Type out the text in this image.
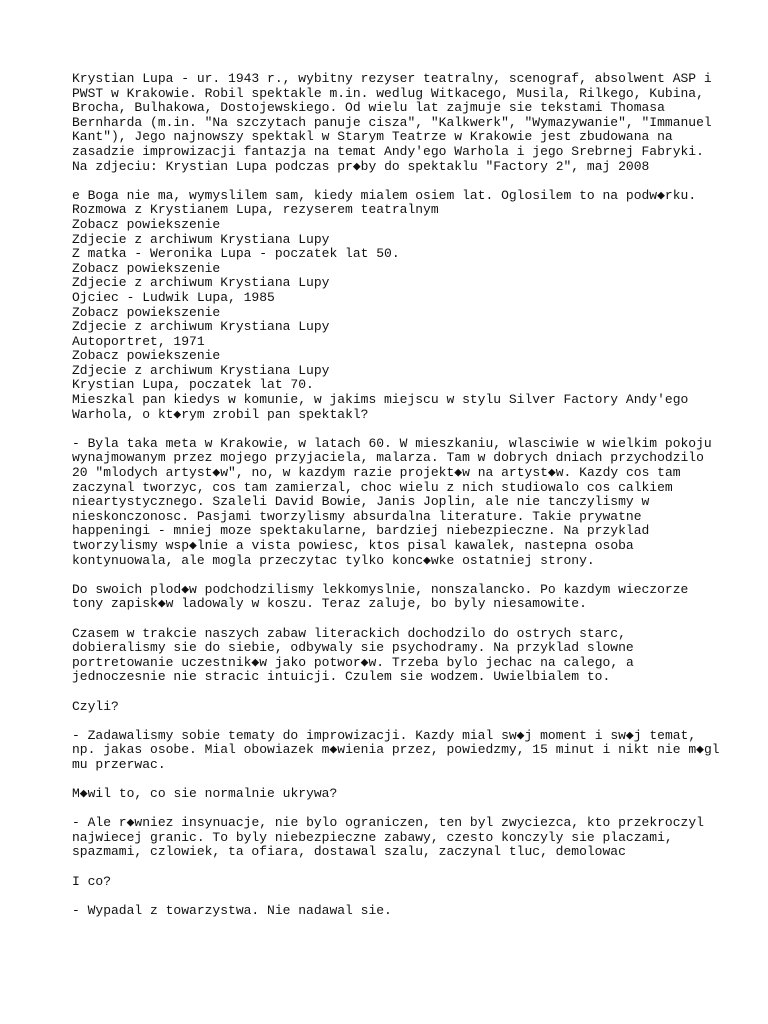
Krystian Lupa - ur. 1943 r., wybitny rezyser teatralny, scenograf, absolwent ASP i
PWST w Krakowie. Robil spektakle m.in. wedlug Witkacego, Musila, Rilkego, Kubina,
Brocha, Bulhakowa, Dostojewskiego. Od wielu lat zajmuje sie tekstami Thomasa
Bernharda (m.in. "Na szczytach panuje cisza", "Kalkwerk", "Wymazywanie", "Immanuel
Kant"), Jego najnowszy spektakl w Starym Teatrze w Krakowie jest zbudowana na
zasadzie improwizacji fantazja na temat Andy'ego Warhola i jego Srebrnej Fabryki.
Na zdjeciu: Krystian Lupa podczas pr◆by do spektaklu "Factory 2", maj 2008
e Boga nie ma, wymyslilem sam, kiedy mialem osiem lat. Oglosilem to na podw◆rku.
Rozmowa z Krystianem Lupa, rezyserem teatralnym
Zobacz powiekszenie
Zdjecie z archiwum Krystiana Lupy
Z matka - Weronika Lupa - poczatek lat 50.
Zobacz powiekszenie
Zdjecie z archiwum Krystiana Lupy
Ojciec - Ludwik Lupa, 1985
Zobacz powiekszenie
Zdjecie z archiwum Krystiana Lupy
Autoportret, 1971
Zobacz powiekszenie
Zdjecie z archiwum Krystiana Lupy
Krystian Lupa, poczatek lat 70.
Mieszkal pan kiedys w komunie, w jakims miejscu w stylu Silver Factory Andy'ego
Warhola, o kt◆rym zrobil pan spektakl?
- Byla taka meta w Krakowie, w latach 60. W mieszkaniu, wlasciwie w wielkim pokoju
wynajmowanym przez mojego przyjaciela, malarza. Tam w dobrych dniach przychodzilo
20 "mlodych artyst◆w", no, w kazdym razie projekt◆w na artyst◆w. Kazdy cos tam
zaczynal tworzyc, cos tam zamierzal, choc wielu z nich studiowalo cos calkiem
nieartystycznego. Szaleli David Bowie, Janis Joplin, ale nie tanczylismy w
nieskonczonosc. Pasjami tworzylismy absurdalna literature. Takie prywatne
happeningi - mniej moze spektakularne, bardziej niebezpieczne. Na przyklad
tworzylismy wsp◆lnie a vista powiesc, ktos pisal kawalek, nastepna osoba
kontynuowala, ale mogla przeczytac tylko konc◆wke ostatniej strony.
Do swoich plod◆w podchodzilismy lekkomyslnie, nonszalancko. Po kazdym wieczorze
tony zapisk◆w ladowaly w koszu. Teraz zaluje, bo byly niesamowite.
Czasem w trakcie naszych zabaw literackich dochodzilo do ostrych starc,
dobieralismy sie do siebie, odbywaly sie psychodramy. Na przyklad slowne
portretowanie uczestnik◆w jako potwor◆w. Trzeba bylo jechac na calego, a
jednoczesnie nie stracic intuicji. Czulem sie wodzem. Uwielbialem to.
Czyli?
- Zadawalismy sobie tematy do improwizacji. Kazdy mial sw◆j moment i sw◆j temat,
np. jakas osobe. Mial obowiazek m◆wienia przez, powiedzmy, 15 minut i nikt nie m◆gl
mu przerwac.
M◆wil to, co sie normalnie ukrywa?
- Ale r◆wniez insynuacje, nie bylo ograniczen, ten byl zwyciezca, kto przekroczyl
najwiecej granic. To byly niebezpieczne zabawy, czesto konczyly sie placzami,
spazmami, czlowiek, ta ofiara, dostawal szalu, zaczynal tluc, demolowac
I co?
- Wypadal z towarzystwa. Nie nadawal sie.
